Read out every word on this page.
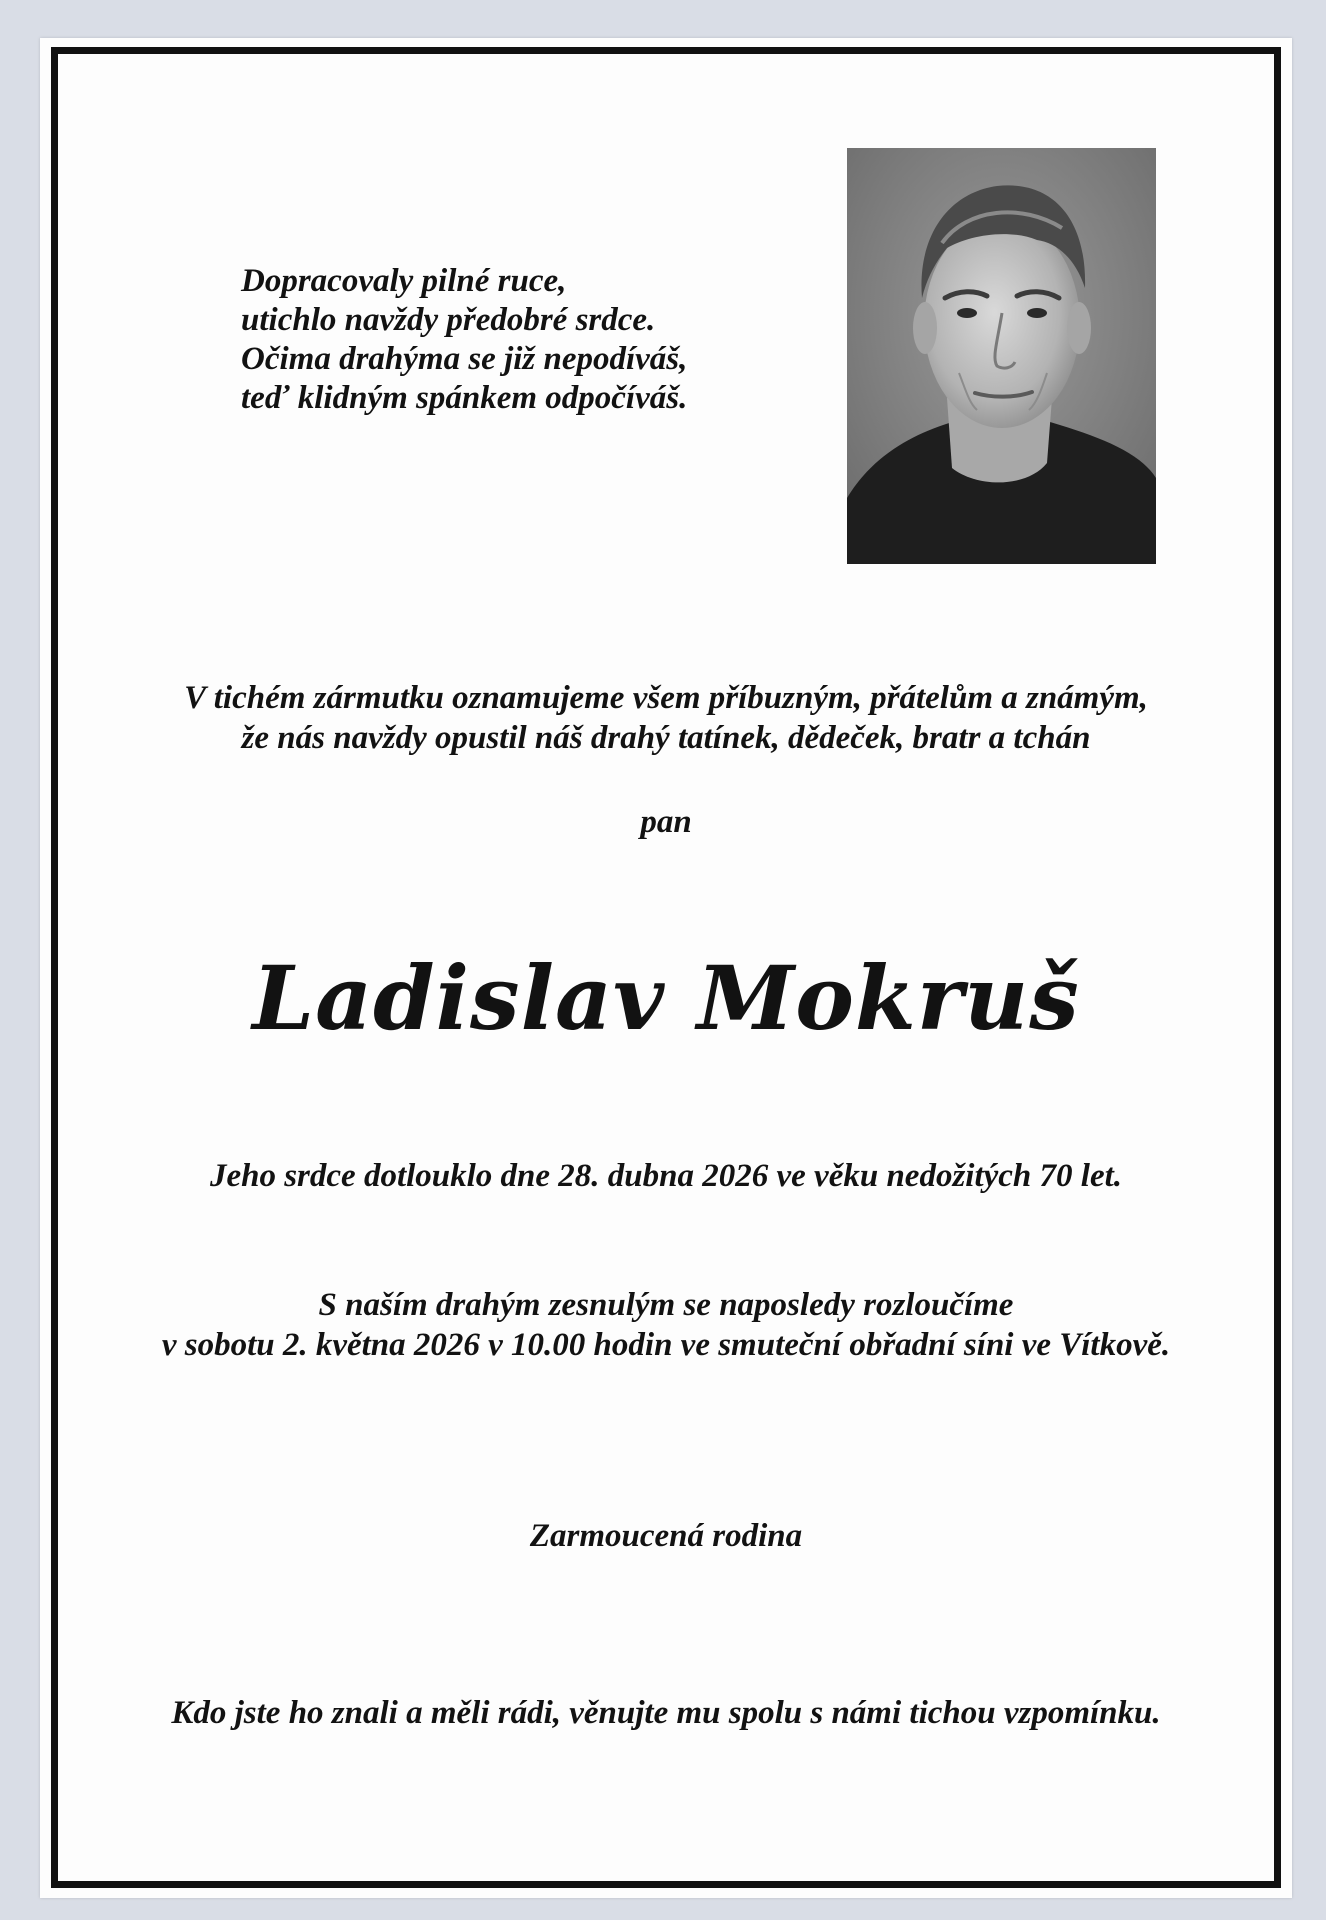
Dopracovaly pilné ruce,
utichlo navždy předobré srdce.
Očima drahýma se již nepodíváš,
teď klidným spánkem odpočíváš.
V tichém zármutku oznamujeme všem příbuzným, přátelům a známým,
že nás navždy opustil náš drahý tatínek, dědeček, bratr a tchán
pan
Ladislav Mokruš
Jeho srdce dotlouklo dne 28. dubna 2026 ve věku nedožitých 70 let.
S naším drahým zesnulým se naposledy rozloučíme
v sobotu 2. května 2026 v 10.00 hodin ve smuteční obřadní síni ve Vítkově.
Zarmoucená rodina
Kdo jste ho znali a měli rádi, věnujte mu spolu s námi tichou vzpomínku.
